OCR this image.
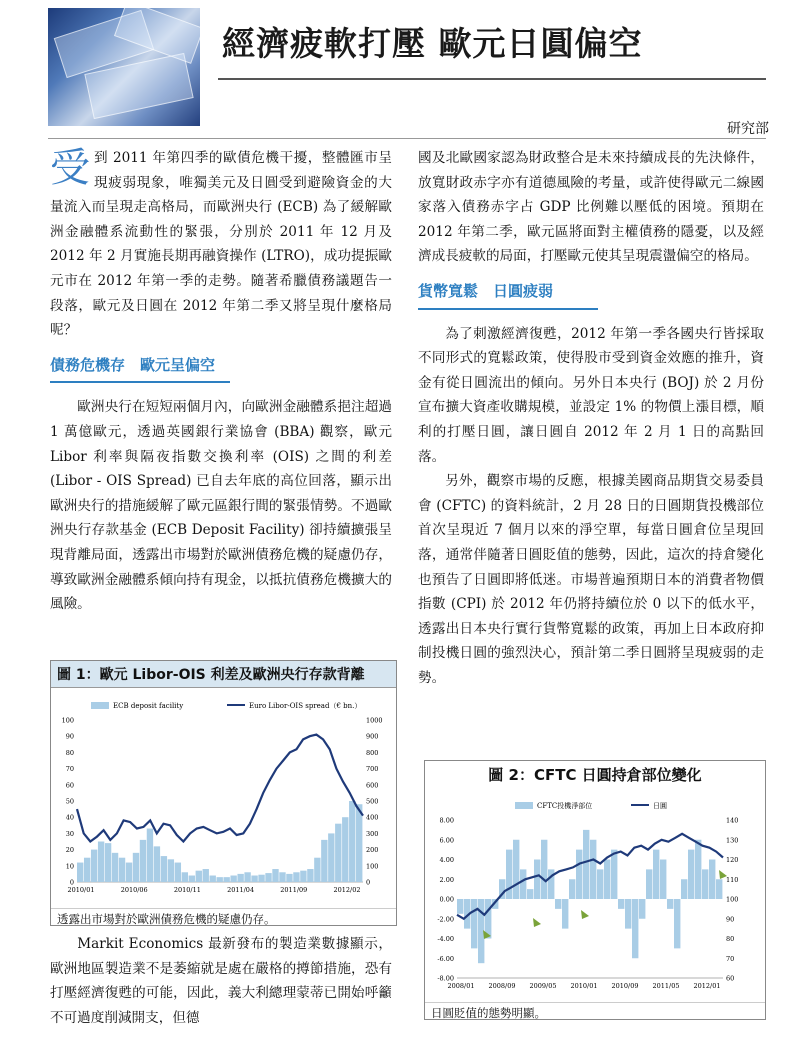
經濟疲軟打壓 歐元日圓偏空
研究部

受到 2011 年第四季的歐債危機干擾，整體匯市呈現疲弱現象，唯獨美元及日圓受到避險資金的大量流入而呈現走高格局，而歐洲央行 (ECB) 為了緩解歐洲金融體系流動性的緊張，分別於 2011 年 12 月及 2012 年 2 月實施長期再融資操作 (LTRO)，成功提振歐元市在 2012 年第一季的走勢。隨著希臘債務議題告一段落，歐元及日圓在 2012 年第二季又將呈現什麼格局呢？

債務危機存　歐元呈偏空

歐洲央行在短短兩個月內，向歐洲金融體系挹注超過 1 萬億歐元，透過英國銀行業協會 (BBA) 觀察，歐元 Libor 利率與隔夜指數交換利率 (OIS) 之間的利差 (Libor - OIS Spread) 已自去年底的高位回落，顯示出歐洲央行的措施緩解了歐元區銀行間的緊張情勢。不過歐洲央行存款基金 (ECB Deposit Facility) 卻持續擴張呈現背離局面，透露出市場對於歐洲債務危機的疑慮仍存，導致歐洲金融體系傾向持有現金，以抵抗債務危機擴大的風險。

圖 1：歐元 Libor-OIS 利差及歐洲央行存款背離
ECB deposit facility	Euro Libor-OIS spread（€ bn.）
0
10
20
30
40
50
60
70
80
90
100
0
100
200
300
400
500
600
700
800
900
1000
2010/01	2010/06	2010/11	2011/04	2011/09	2012/02
透露出市場對於歐洲債務危機的疑慮仍存。

Markit Economics 最新發布的製造業數據顯示，歐洲地區製造業不是萎縮就是處在嚴格的撙節措施，恐有打壓經濟復甦的可能，因此，義大利總理蒙蒂已開始呼籲不可過度削減開支，但德

國及北歐國家認為財政整合是未來持續成長的先決條件，放寬財政赤字亦有道德風險的考量，或許使得歐元二線國家落入債務赤字占 GDP 比例難以壓低的困境。預期在 2012 年第二季，歐元區將面對主權債務的隱憂，以及經濟成長疲軟的局面，打壓歐元使其呈現震盪偏空的格局。

貨幣寬鬆　日圓疲弱

為了刺激經濟復甦，2012 年第一季各國央行皆採取不同形式的寬鬆政策，使得股市受到資金效應的推升，資金有從日圓流出的傾向。另外日本央行 (BOJ) 於 2 月份宣布擴大資產收購規模，並設定 1% 的物價上漲目標，順利的打壓日圓，讓日圓自 2012 年 2 月 1 日的高點回落。

另外，觀察市場的反應，根據美國商品期貨交易委員會 (CFTC) 的資料統計，2 月 28 日的日圓期貨投機部位首次呈現近 7 個月以來的淨空單，每當日圓倉位呈現回落，通常伴隨著日圓貶值的態勢，因此，這次的持倉變化也預告了日圓即將低迷。市場普遍預期日本的消費者物價指數 (CPI) 於 2012 年仍將持續位於 0 以下的低水平，透露出日本央行實行貨幣寬鬆的政策，再加上日本政府抑制投機日圓的強烈決心，預計第二季日圓將呈現疲弱的走勢。

圖 2：CFTC 日圓持倉部位變化
CFTC投機淨部位	日圓
8.00
6.00
4.00
2.00
0.00
-2.00
-4.00
-6.00
-8.00
140
130
120
110
100
90
80
70
60
2008/01 2008/09 2009/05 2010/01 2010/09 2011/05 2012/01
日圓貶值的態勢明顯。
